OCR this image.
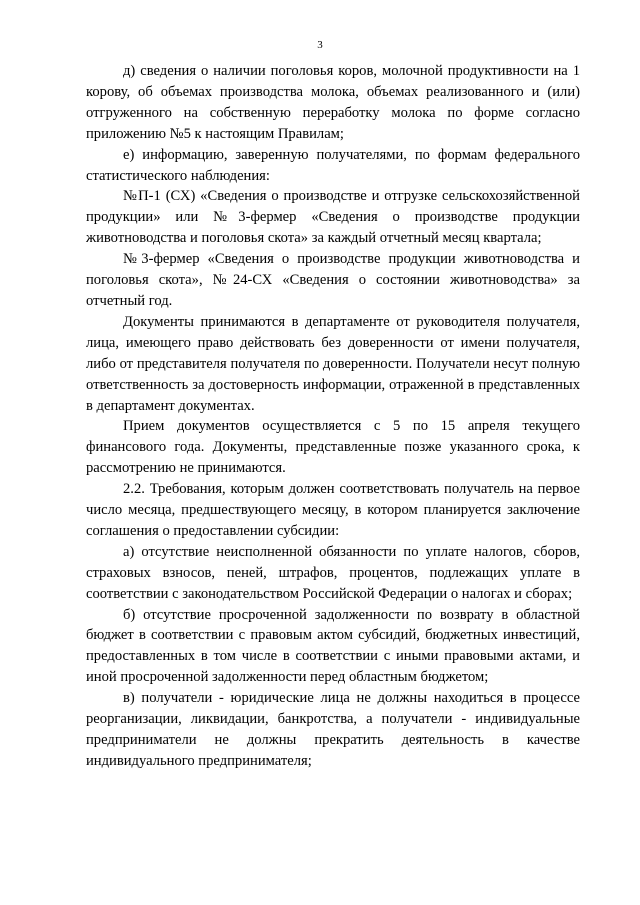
3

д) сведения о наличии поголовья коров, молочной продуктивности на 1 корову, об объемах производства молока, объемах реализованного и (или) отгруженного на собственную переработку молока по форме согласно приложению №5 к настоящим Правилам;

е) информацию, заверенную получателями, по формам федерального статистического наблюдения:

№П-1 (СХ) «Сведения о производстве и отгрузке сельскохозяйственной продукции» или №3-фермер «Сведения о производстве продукции животноводства и поголовья скота» за каждый отчетный месяц квартала;

№3-фермер «Сведения о производстве продукции животноводства и поголовья скота», №24-СХ «Сведения о состоянии животноводства» за отчетный год.

Документы принимаются в департаменте от руководителя получателя, лица, имеющего право действовать без доверенности от имени получателя, либо от представителя получателя по доверенности. Получатели несут полную ответственность за достоверность информации, отраженной в представленных в департамент документах.

Прием документов осуществляется с 5 по 15 апреля текущего финансового года. Документы, представленные позже указанного срока, к рассмотрению не принимаются.

2.2. Требования, которым должен соответствовать получатель на первое число месяца, предшествующего месяцу, в котором планируется заключение соглашения о предоставлении субсидии:

а) отсутствие неисполненной обязанности по уплате налогов, сборов, страховых взносов, пеней, штрафов, процентов, подлежащих уплате в соответствии с законодательством Российской Федерации о налогах и сборах;

б) отсутствие просроченной задолженности по возврату в областной бюджет в соответствии с правовым актом субсидий, бюджетных инвестиций, предоставленных в том числе в соответствии с иными правовыми актами, и иной просроченной задолженности перед областным бюджетом;

в) получатели - юридические лица не должны находиться в процессе реорганизации, ликвидации, банкротства, а получатели - индивидуальные предприниматели не должны прекратить деятельность в качестве индивидуального предпринимателя;
